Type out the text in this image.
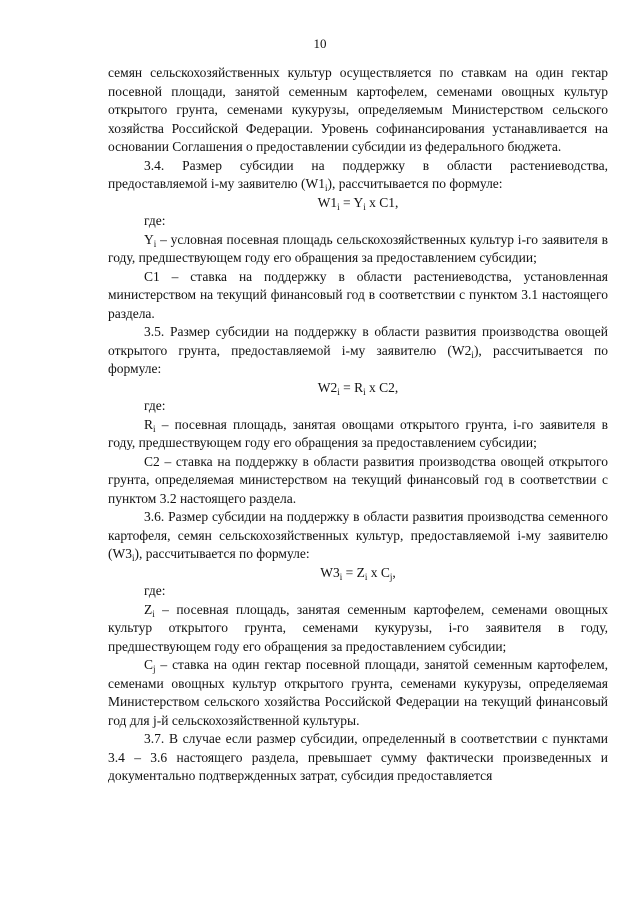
10

семян сельскохозяйственных культур осуществляется по ставкам на один гектар посевной площади, занятой семенным картофелем, семенами овощных культур открытого грунта, семенами кукурузы, определяемым Министерством сельского хозяйства Российской Федерации. Уровень софинансирования устанавливается на основании Соглашения о предоставлении субсидии из федерального бюджета.

3.4. Размер субсидии на поддержку в области растениеводства, предоставляемой i-му заявителю $(W1_i)$, рассчитывается по формуле:

$W1_i = Y_i$ x C1,

где:

$Y_i$ – условная посевная площадь сельскохозяйственных культур i-го заявителя в году, предшествующем году его обращения за предоставлением субсидии;

С1 – ставка на поддержку в области растениеводства, установленная министерством на текущий финансовый год в соответствии с пунктом 3.1 настоящего раздела.

3.5. Размер субсидии на поддержку в области развития производства овощей открытого грунта, предоставляемой i-му заявителю $(W2_i)$, рассчитывается по формуле:

$W2_i = R_i$ x C2,

где:

$R_i$ – посевная площадь, занятая овощами открытого грунта, i-го заявителя в году, предшествующем году его обращения за предоставлением субсидии;

С2 – ставка на поддержку в области развития производства овощей открытого грунта, определяемая министерством на текущий финансовый год в соответствии с пунктом 3.2 настоящего раздела.

3.6. Размер субсидии на поддержку в области развития производства семенного картофеля, семян сельскохозяйственных культур, предоставляемой i-му заявителю $(W3_i)$, рассчитывается по формуле:

$W3_i = Z_i$ x $C_j$,

где:

$Z_i$ – посевная площадь, занятая семенным картофелем, семенами овощных культур открытого грунта, семенами кукурузы, i-го заявителя в году, предшествующем году его обращения за предоставлением субсидии;

$C_j$ – ставка на один гектар посевной площади, занятой семенным картофелем, семенами овощных культур открытого грунта, семенами кукурузы, определяемая Министерством сельского хозяйства Российской Федерации на текущий финансовый год для j-й сельскохозяйственной культуры.

3.7. В случае если размер субсидии, определенный в соответствии с пунктами 3.4 – 3.6 настоящего раздела, превышает сумму фактически произведенных и документально подтвержденных затрат, субсидия предоставляется
